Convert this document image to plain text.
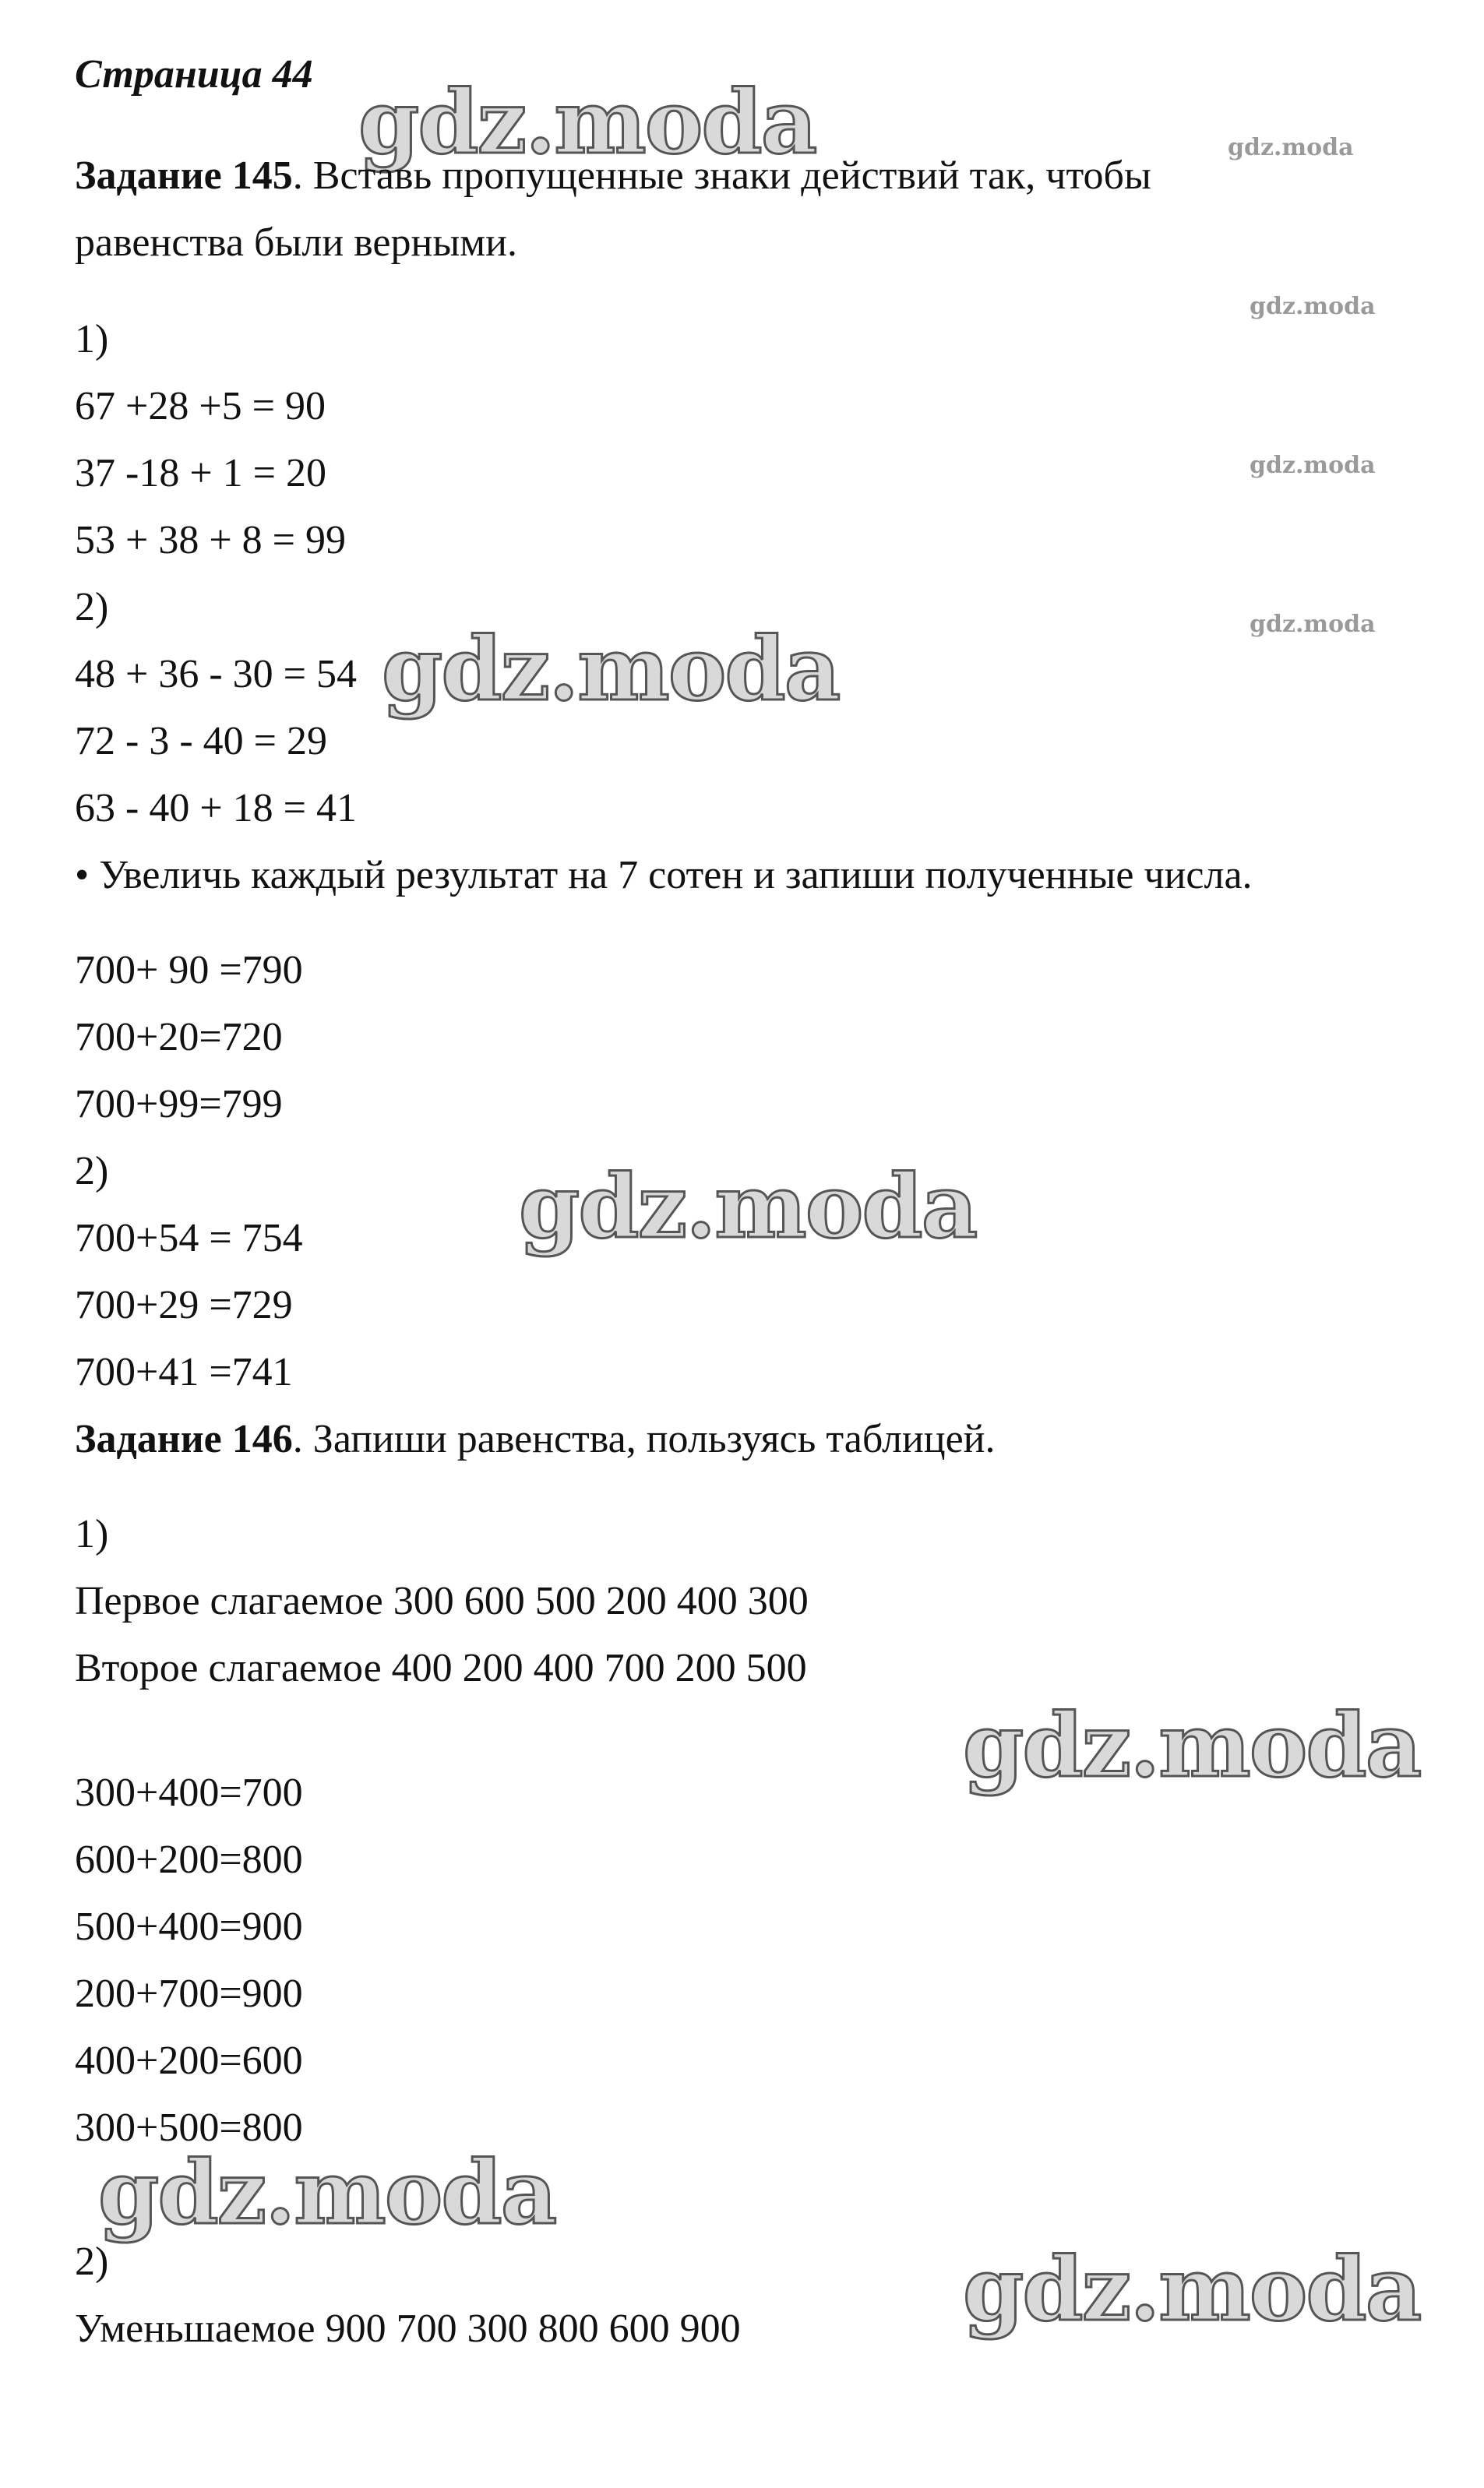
gdz.moda	gdz.moda
gdz.moda
gdz.moda
gdz.moda
gdz.moda
gdz.moda
gdz.moda
gdz.moda
gdz.moda
Страница 44
Задание 145. Вставь пропущенные знаки действий так, чтобы
равенства были верными.
1)
67 +28 +5 = 90
37 -18 + 1 = 20
53 + 38 + 8 = 99
2)
48 + 36 - 30 = 54
72 - 3 - 40 = 29
63 - 40 + 18 = 41
• Увеличь каждый результат на 7 сотен и запиши полученные числа.
700+ 90 =790
700+20=720
700+99=799
2)
700+54 = 754
700+29 =729
700+41 =741
Задание 146. Запиши равенства, пользуясь таблицей.
1)
Первое слагаемое 300 600 500 200 400 300
Второе слагаемое 400 200 400 700 200 500
300+400=700
600+200=800
500+400=900
200+700=900
400+200=600
300+500=800
2)
Уменьшаемое 900 700 300 800 600 900
